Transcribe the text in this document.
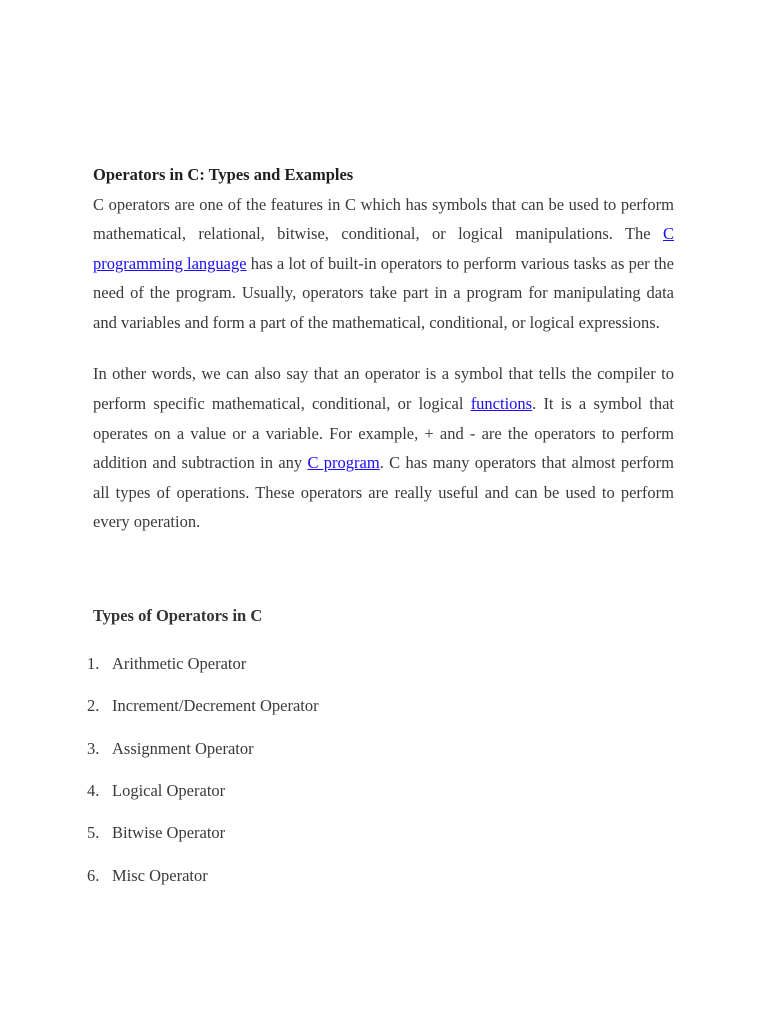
Operators in C: Types and Examples

C operators are one of the features in C which has symbols that can be used to perform mathematical, relational, bitwise, conditional, or logical manipulations. The C programming language has a lot of built-in operators to perform various tasks as per the need of the program. Usually, operators take part in a program for manipulating data and variables and form a part of the mathematical, conditional, or logical expressions.

In other words, we can also say that an operator is a symbol that tells the compiler to perform specific mathematical, conditional, or logical functions. It is a symbol that operates on a value or a variable. For example, + and - are the operators to perform addition and subtraction in any C program. C has many operators that almost perform all types of operations. These operators are really useful and can be used to perform every operation.

Types of Operators in C
1. Arithmetic Operator
2. Increment/Decrement Operator
3. Assignment Operator
4. Logical Operator
5. Bitwise Operator
6. Misc Operator
